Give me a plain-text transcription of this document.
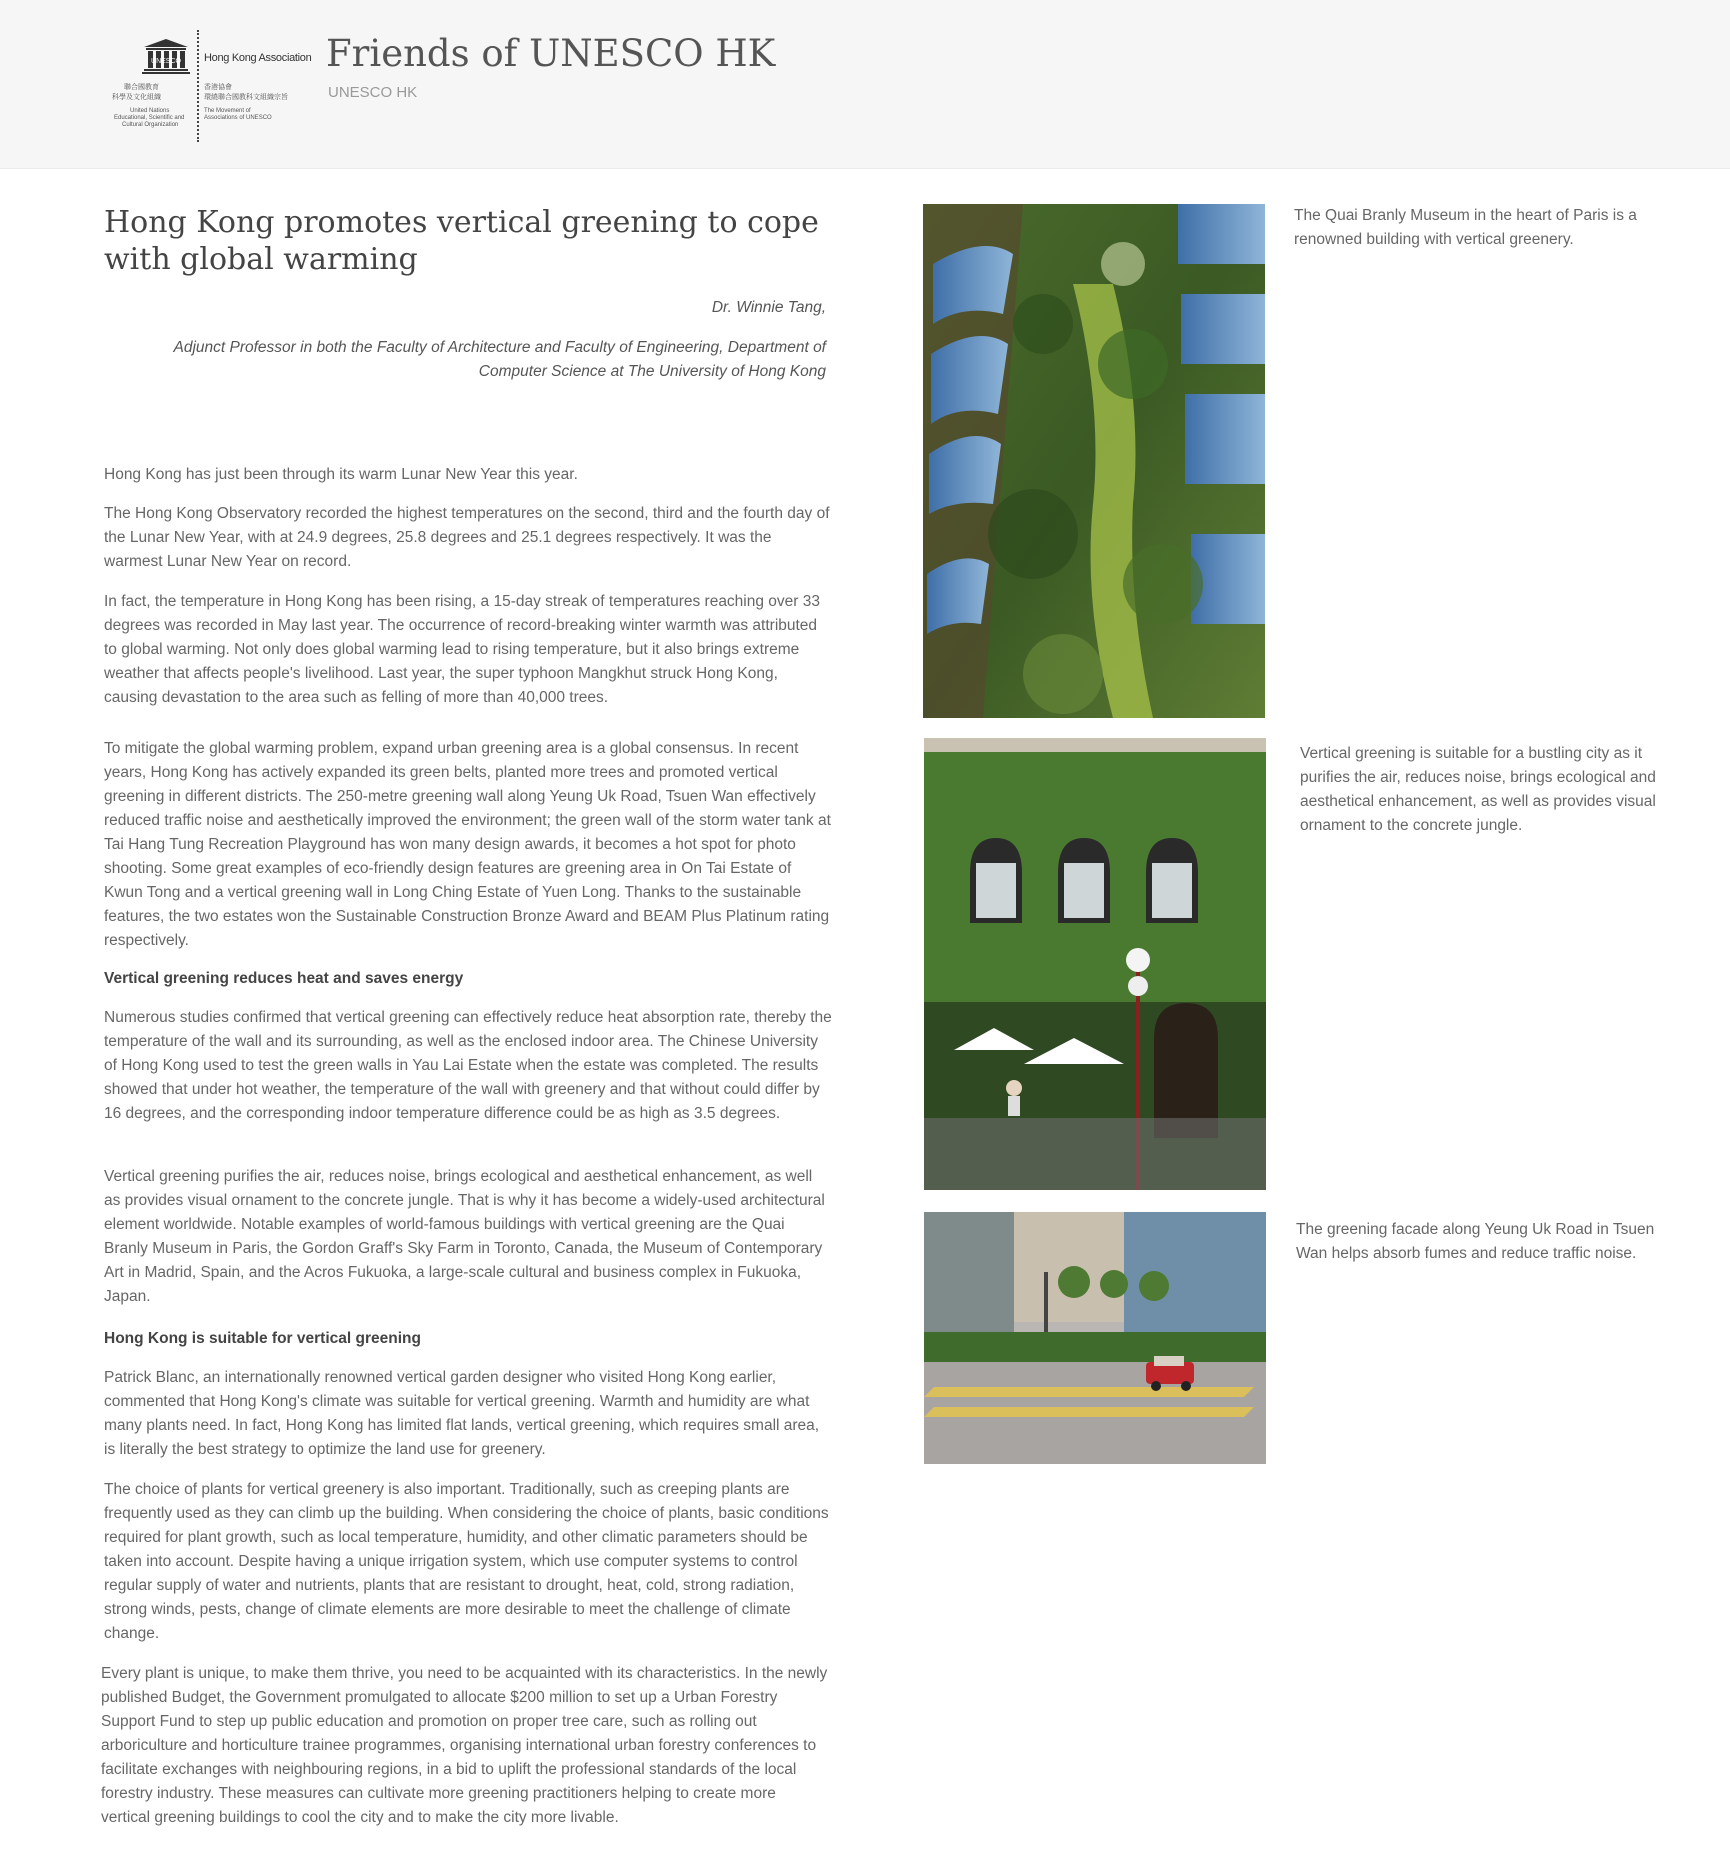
UNESCO Hong Kong Association
聯合國教育
科學及文化組織
United Nations
Educational, Scientific and
Cultural Organization
香港協會
環繞聯合國教科文組織宗旨
The Movement of
Associations of UNESCO
Friends of UNESCO HK
UNESCO HK
Hong Kong promotes vertical greening to cope with global warming
Dr. Winnie Tang,
Adjunct Professor in both the Faculty of Architecture and Faculty of Engineering, Department of Computer Science at The University of Hong Kong

Hong Kong has just been through its warm Lunar New Year this year.

The Hong Kong Observatory recorded the highest temperatures on the second, third and the fourth day of the Lunar New Year, with at 24.9 degrees, 25.8 degrees and 25.1 degrees respectively. It was the warmest Lunar New Year on record.

In fact, the temperature in Hong Kong has been rising, a 15-day streak of temperatures reaching over 33 degrees was recorded in May last year. The occurrence of record-breaking winter warmth was attributed to global warming. Not only does global warming lead to rising temperature, but it also brings extreme weather that affects people's livelihood. Last year, the super typhoon Mangkhut struck Hong Kong, causing devastation to the area such as felling of more than 40,000 trees.

To mitigate the global warming problem, expand urban greening area is a global consensus. In recent years, Hong Kong has actively expanded its green belts, planted more trees and promoted vertical greening in different districts. The 250-metre greening wall along Yeung Uk Road, Tsuen Wan effectively reduced traffic noise and aesthetically improved the environment; the green wall of the storm water tank at Tai Hang Tung Recreation Playground has won many design awards, it becomes a hot spot for photo shooting. Some great examples of eco-friendly design features are greening area in On Tai Estate of Kwun Tong and a vertical greening wall in Long Ching Estate of Yuen Long. Thanks to the sustainable features, the two estates won the Sustainable Construction Bronze Award and BEAM Plus Platinum rating respectively.

Vertical greening reduces heat and saves energy

Numerous studies confirmed that vertical greening can effectively reduce heat absorption rate, thereby the temperature of the wall and its surrounding, as well as the enclosed indoor area. The Chinese University of Hong Kong used to test the green walls in Yau Lai Estate when the estate was completed. The results showed that under hot weather, the temperature of the wall with greenery and that without could differ by 16 degrees, and the corresponding indoor temperature difference could be as high as 3.5 degrees.

Vertical greening purifies the air, reduces noise, brings ecological and aesthetical enhancement, as well as provides visual ornament to the concrete jungle. That is why it has become a widely-used architectural element worldwide. Notable examples of world-famous buildings with vertical greening are the Quai Branly Museum in Paris, the Gordon Graff's Sky Farm in Toronto, Canada, the Museum of Contemporary Art in Madrid, Spain, and the Acros Fukuoka, a large-scale cultural and business complex in Fukuoka, Japan.

Hong Kong is suitable for vertical greening

Patrick Blanc, an internationally renowned vertical garden designer who visited Hong Kong earlier, commented that Hong Kong's climate was suitable for vertical greening. Warmth and humidity are what many plants need. In fact, Hong Kong has limited flat lands, vertical greening, which requires small area, is literally the best strategy to optimize the land use for greenery.

The choice of plants for vertical greenery is also important. Traditionally, such as creeping plants are frequently used as they can climb up the building. When considering the choice of plants, basic conditions required for plant growth, such as local temperature, humidity, and other climatic parameters should be taken into account. Despite having a unique irrigation system, which use computer systems to control regular supply of water and nutrients, plants that are resistant to drought, heat, cold, strong radiation, strong winds, pests, change of climate elements are more desirable to meet the challenge of climate change.

Every plant is unique, to make them thrive, you need to be acquainted with its characteristics. In the newly published Budget, the Government promulgated to allocate $200 million to set up a Urban Forestry Support Fund to step up public education and promotion on proper tree care, such as rolling out arboriculture and horticulture trainee programmes, organising international urban forestry conferences to facilitate exchanges with neighbouring regions, in a bid to uplift the professional standards of the local forestry industry. These measures can cultivate more greening practitioners helping to create more vertical greening buildings to cool the city and to make the city more livable.

The Quai Branly Museum in the heart of Paris is a renowned building with vertical greenery.
Vertical greening is suitable for a bustling city as it purifies the air, reduces noise, brings ecological and aesthetical enhancement, as well as provides visual ornament to the concrete jungle.
The greening facade along Yeung Uk Road in Tsuen Wan helps absorb fumes and reduce traffic noise.
